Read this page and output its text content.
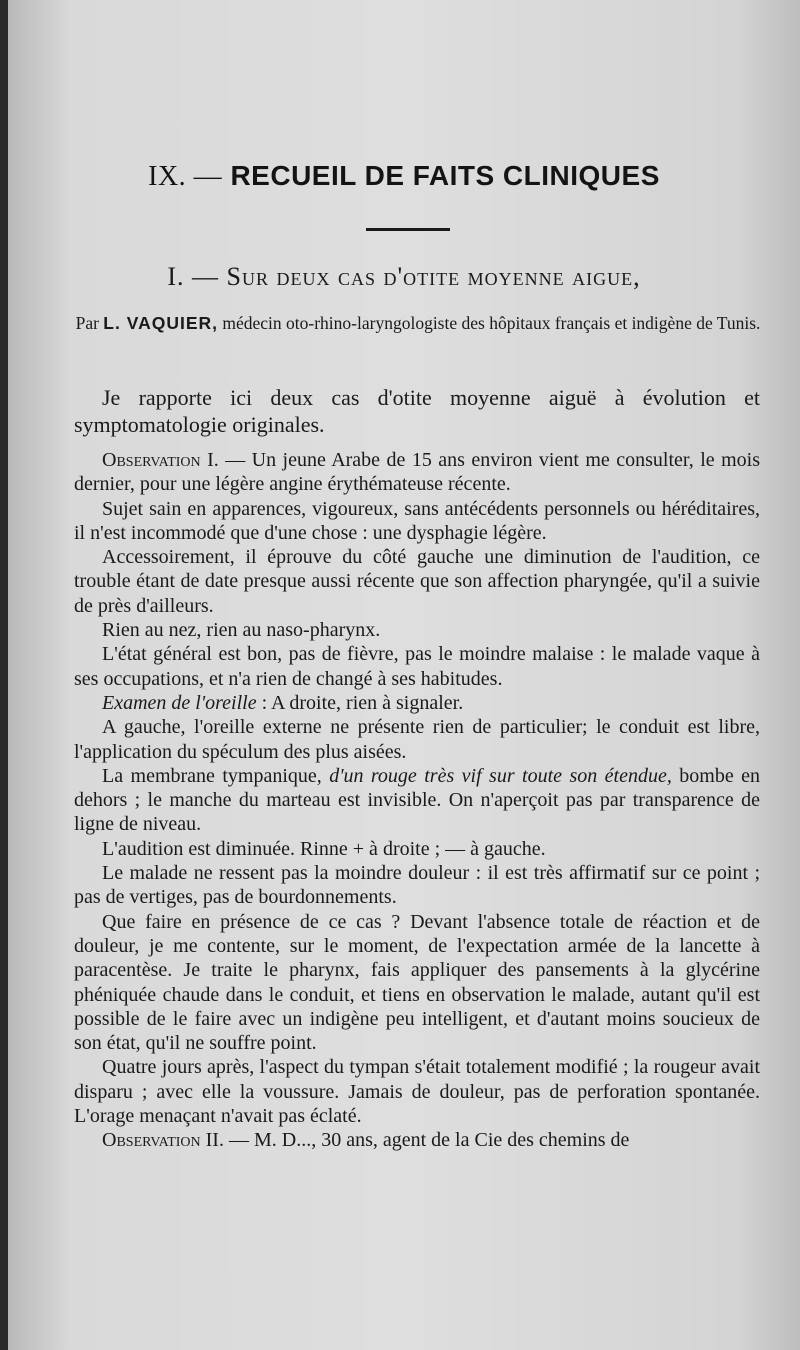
IX. — RECUEIL DE FAITS CLINIQUES
I. — Sur deux cas d'otite moyenne aigue,
Par L. VAQUIER, médecin oto-rhino-laryngologiste des hôpitaux français et indigène de Tunis.

Je rapporte ici deux cas d'otite moyenne aiguë à évolution et symptomatologie originales.

Observation I. — Un jeune Arabe de 15 ans environ vient me consulter, le mois dernier, pour une légère angine érythémateuse récente.

Sujet sain en apparences, vigoureux, sans antécédents personnels ou héréditaires, il n'est incommodé que d'une chose : une dysphagie légère.

Accessoirement, il éprouve du côté gauche une diminution de l'audition, ce trouble étant de date presque aussi récente que son affection pharyngée, qu'il a suivie de près d'ailleurs.

Rien au nez, rien au naso-pharynx.

L'état général est bon, pas de fièvre, pas le moindre malaise : le malade vaque à ses occupations, et n'a rien de changé à ses habitudes.

Examen de l'oreille : A droite, rien à signaler.

A gauche, l'oreille externe ne présente rien de particulier; le conduit est libre, l'application du spéculum des plus aisées.

La membrane tympanique, d'un rouge très vif sur toute son étendue, bombe en dehors ; le manche du marteau est invisible. On n'aperçoit pas par transparence de ligne de niveau.

L'audition est diminuée. Rinne + à droite ; — à gauche.

Le malade ne ressent pas la moindre douleur : il est très affirmatif sur ce point ; pas de vertiges, pas de bourdonnements.

Que faire en présence de ce cas ? Devant l'absence totale de réaction et de douleur, je me contente, sur le moment, de l'expectation armée de la lancette à paracentèse. Je traite le pharynx, fais appliquer des pansements à la glycérine phéniquée chaude dans le conduit, et tiens en observation le malade, autant qu'il est possible de le faire avec un indigène peu intelligent, et d'autant moins soucieux de son état, qu'il ne souffre point.

Quatre jours après, l'aspect du tympan s'était totalement modifié ; la rougeur avait disparu ; avec elle la voussure. Jamais de douleur, pas de perforation spontanée. L'orage menaçant n'avait pas éclaté.

Observation II. — M. D..., 30 ans, agent de la Cie des chemins de
